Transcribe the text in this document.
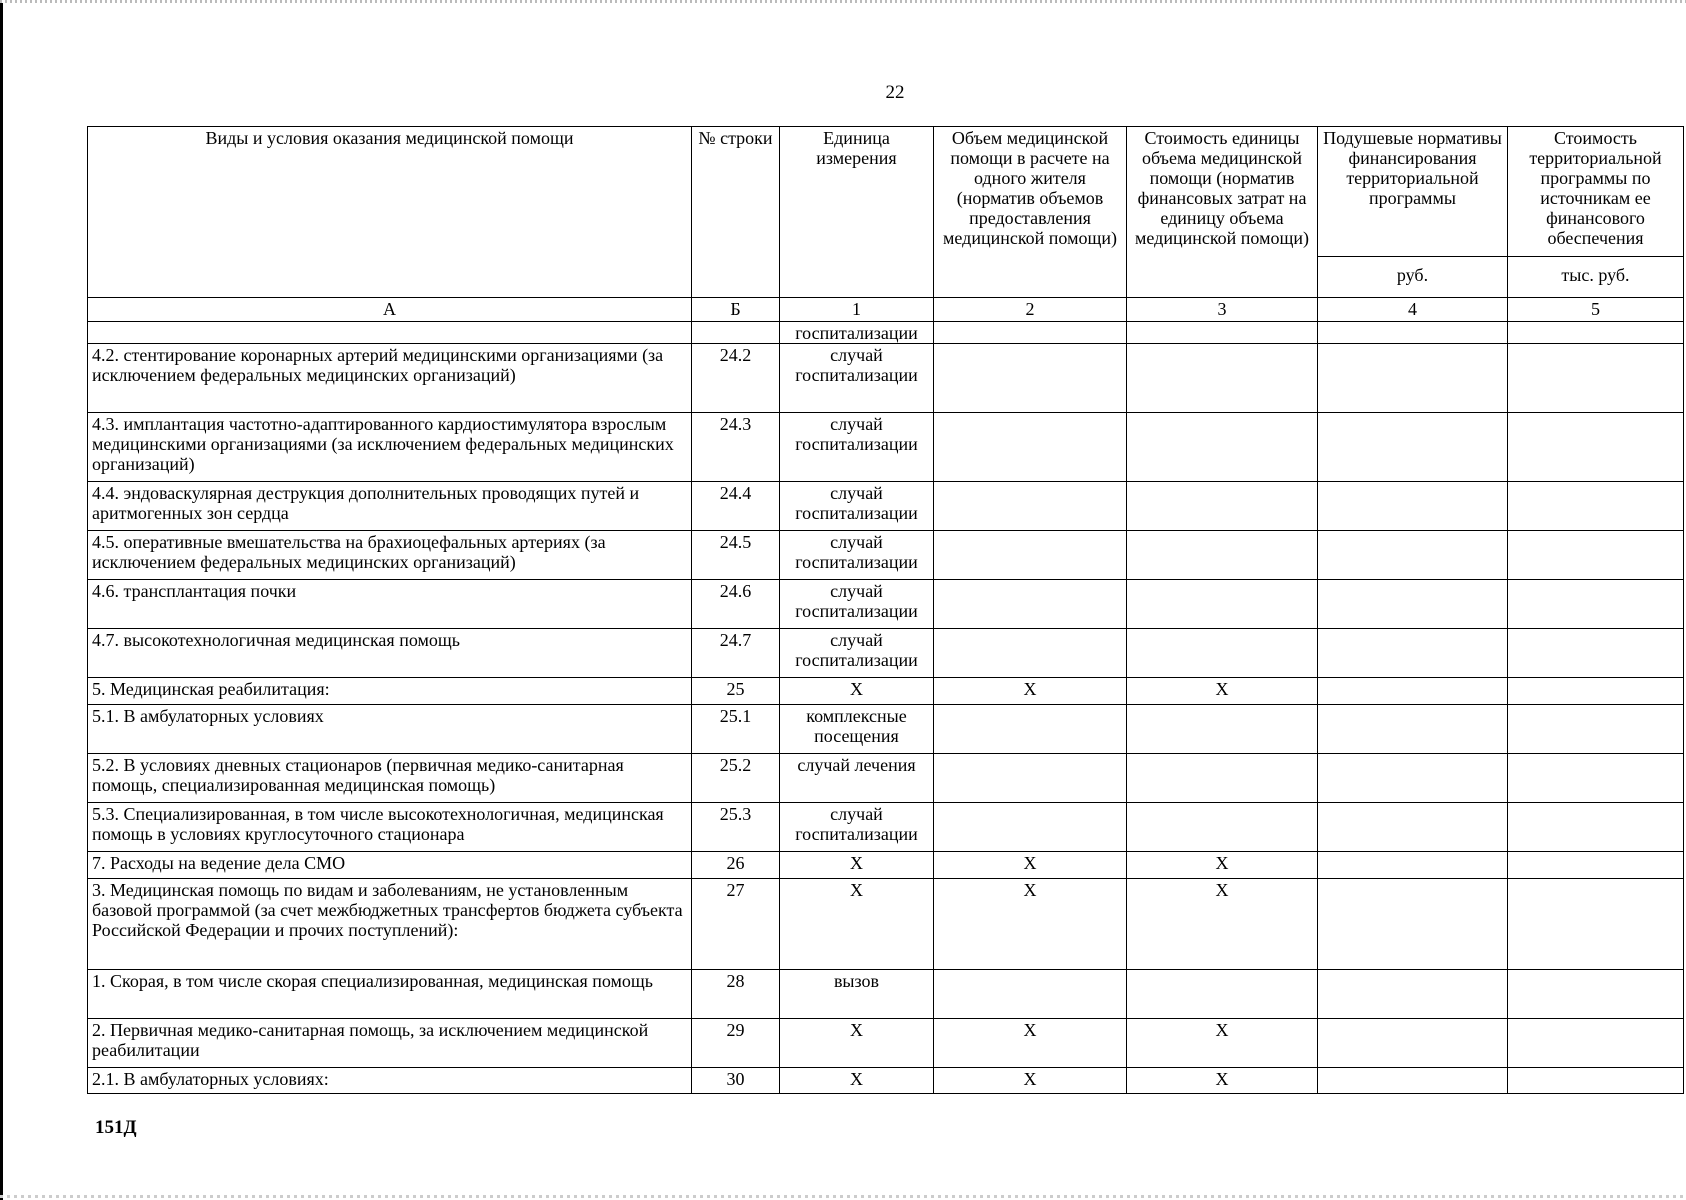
22
Виды и условия оказания медицинской помощи	№ строки	Единица измерения	Объем медицинской помощи в расчете на одного жителя (норматив объемов предоставления медицинской помощи)	Стоимость единицы объема медицинской помощи (норматив финансовых затрат на единицу объема медицинской помощи)	Подушевые нормативы финансирования территориальной программы	Стоимость территориальной программы по источникам ее финансового обеспечения
					руб.	тыс. руб.
А	Б	1	2	3	4	5
		госпитализации				
4.2. стентирование коронарных артерий медицинскими организациями (за исключением федеральных медицинских организаций)	24.2	случай госпитализации				
4.3. имплантация частотно-адаптированного кардиостимулятора взрослым медицинскими организациями (за исключением федеральных медицинских организаций)	24.3	случай госпитализации				
4.4. эндоваскулярная деструкция дополнительных проводящих путей и аритмогенных зон сердца	24.4	случай госпитализации				
4.5. оперативные вмешательства на брахиоцефальных артериях (за исключением федеральных медицинских организаций)	24.5	случай госпитализации				
4.6. трансплантация почки	24.6	случай госпитализации				
4.7. высокотехнологичная медицинская помощь	24.7	случай госпитализации				
5. Медицинская реабилитация:	25	Х	Х	Х		
5.1. В амбулаторных условиях	25.1	комплексные посещения				
5.2. В условиях дневных стационаров (первичная медико-санитарная помощь, специализированная медицинская помощь)	25.2	случай лечения				
5.3. Специализированная, в том числе высокотехнологичная, медицинская помощь в условиях круглосуточного стационара	25.3	случай госпитализации				
7. Расходы на ведение дела СМО	26	Х	Х	Х		
3. Медицинская помощь по видам и заболеваниям, не установленным базовой программой (за счет межбюджетных трансфертов бюджета субъекта Российской Федерации и прочих поступлений):	27	Х	Х	Х		
1. Скорая, в том числе скорая специализированная, медицинская помощь	28	вызов				
2. Первичная медико-санитарная помощь, за исключением медицинской реабилитации	29	Х	Х	Х		
2.1. В амбулаторных условиях:	30	Х	Х	Х		
151Д
